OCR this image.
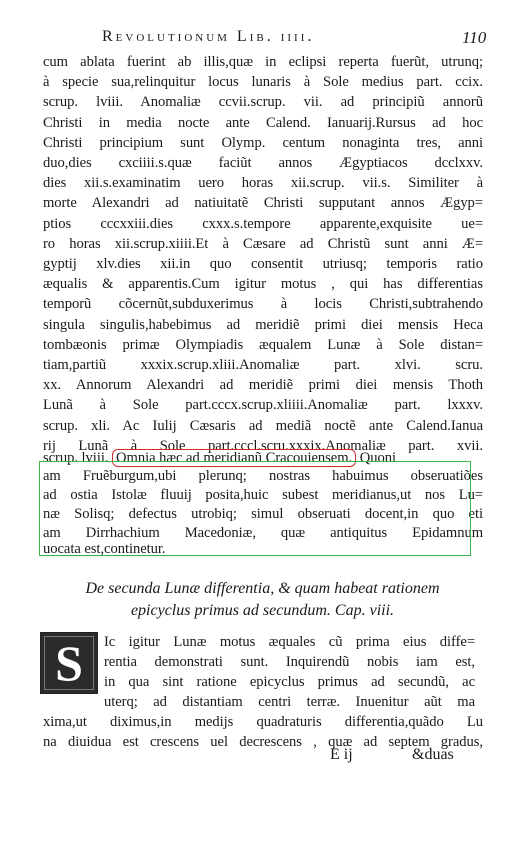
Revolutionum Lib. iiii.	110
cum ablata fuerint ab illis,quæ in eclipsi reperta fuerũt, utrunq;
à specie sua,relinquitur locus lunaris à Sole medius part. ccix.
scrup. lviii. Anomaliæ ccvii.scrup. vii. ad principiũ annorũ
Christi in media nocte ante Calend. Ianuarij.Rursus ad hoc
Christi principium sunt Olymp. centum nonaginta tres, anni
duo,dies cxciiii.s.quæ faciũt annos Ægyptiacos dcclxxv.
dies xii.s.examinatim uero horas xii.scrup. vii.s. Similiter à
morte Alexandri ad natiuitatẽ Christi supputant annos Ægyp=
ptios cccxxiii.dies cxxx.s.tempore apparente,exquisite ue=
ro horas xii.scrup.xiiii.Et à Cæsare ad Christũ sunt anni Æ=
gyptij xlv.dies xii.in quo consentit utriusq; temporis ratio
æqualis & apparentis.Cum igitur motus , qui has differentias
temporũ cõcernũt,subduxerimus à locis Christi,subtrahendo
singula singulis,habebimus ad meridiẽ primi diei mensis Heca
tombæonis primæ Olympiadis æqualem Lunæ à Sole distan=
tiam,partiũ xxxix.scrup.xliii.Anomaliæ part. xlvi. scru.
xx. Annorum Alexandri ad meridiẽ primi diei mensis Thoth
Lunã à Sole part.cccx.scrup.xliiii.Anomaliæ part. lxxxv.
scrup. xli. Ac Iulij Cæsaris ad mediã noctẽ ante Calend.Ianua
rij Lunã à Sole part.cccl.scru.xxxix.Anomaliæ part. xvii.
scrup. lviii. Omnia hæc ad meridianũ Cracouiensem. Quoni
am Fruẽburgum,ubi plerunq; nostras habuimus obseruatiões
ad ostia Istolæ fluuij posita,huic subest meridianus,ut nos Lu=
næ Solisq; defectus utrobiq; simul obseruati docent,in quo eti
am Dirrhachium Macedoniæ, quæ antiquitus Epidamnum
uocata est,continetur.
De secunda Lunæ differentia, & quam habeat rationem
epicyclus primus ad secundum. Cap. viii.
S Ic igitur Lunæ motus æquales cũ prima eius diffe=
rentia demonstrati sunt. Inquirendũ nobis iam est,
in qua sint ratione epicyclus primus ad secundũ, ac
uterq; ad distantiam centri terræ. Inuenitur aũt ma
xima,ut diximus,in medijs quadraturis differentia,quãdo Lu
na diuidua est crescens uel decrescens , quæ ad septem gradus,
E ij	&duas
